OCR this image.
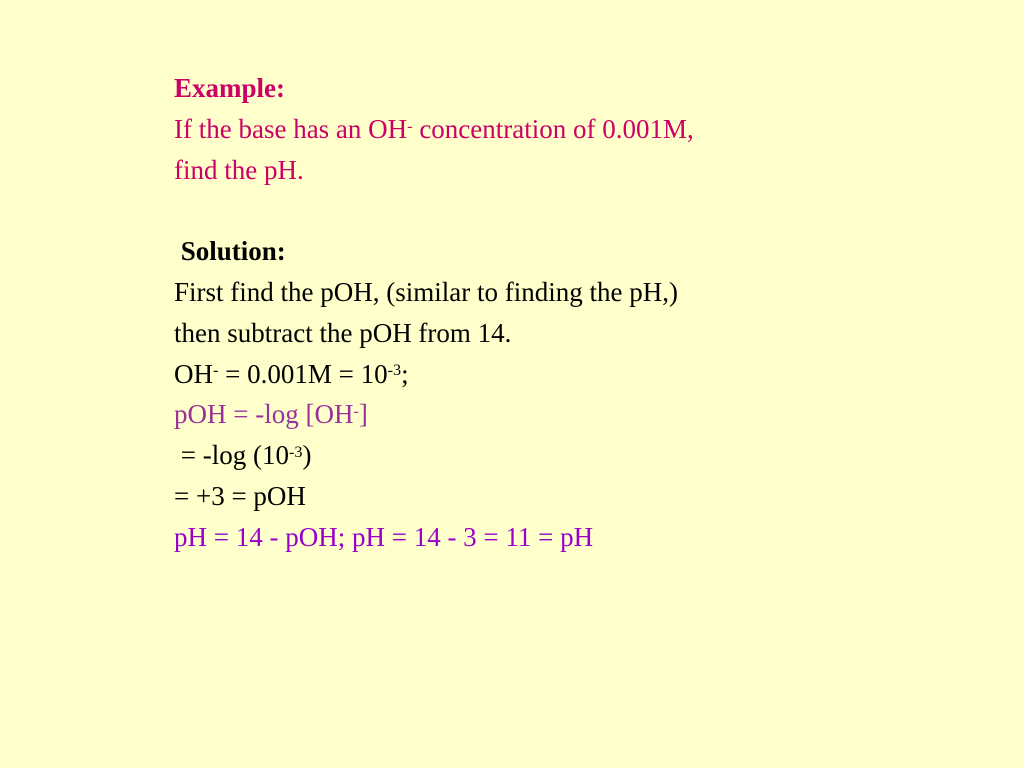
Example:
If the base has an OH- concentration of 0.001M,
find the pH.
Solution:
First find the pOH, (similar to finding the pH,)
then subtract the pOH from 14.
$OH^- = 0.001M = 10^{-3}$;
pOH = -log [OH-]
= -log $(10^{-3})$
= +3 = pOH
pH = 14 - pOH; pH = 14 - 3 = 11 = pH
